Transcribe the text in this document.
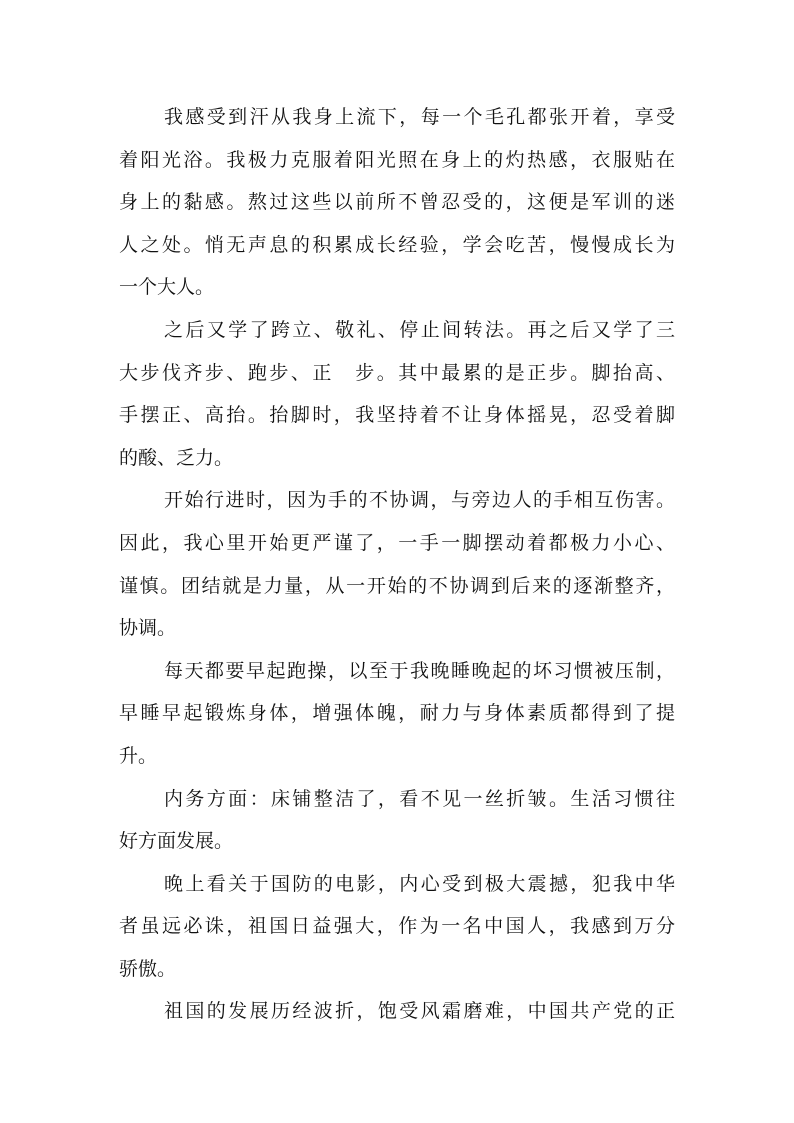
我感受到汗从我身上流下，每一个毛孔都张开着，享受
着阳光浴。我极力克服着阳光照在身上的灼热感，衣服贴在
身上的黏感。熬过这些以前所不曾忍受的，这便是军训的迷
人之处。悄无声息的积累成长经验，学会吃苦，慢慢成长为
一个大人。
之后又学了跨立、敬礼、停止间转法。再之后又学了三
大步伐齐步、跑步、正　步。其中最累的是正步。脚抬高、
手摆正、高抬。抬脚时，我坚持着不让身体摇晃，忍受着脚
的酸、乏力。
开始行进时，因为手的不协调，与旁边人的手相互伤害。
因此，我心里开始更严谨了，一手一脚摆动着都极力小心、
谨慎。团结就是力量，从一开始的不协调到后来的逐渐整齐，
协调。
每天都要早起跑操，以至于我晚睡晚起的坏习惯被压制，
早睡早起锻炼身体，增强体魄，耐力与身体素质都得到了提
升。
内务方面：床铺整洁了，看不见一丝折皱。生活习惯往
好方面发展。
晚上看关于国防的电影，内心受到极大震撼，犯我中华
者虽远必诛，祖国日益强大，作为一名中国人，我感到万分
骄傲。
祖国的发展历经波折，饱受风霜磨难，中国共产党的正
